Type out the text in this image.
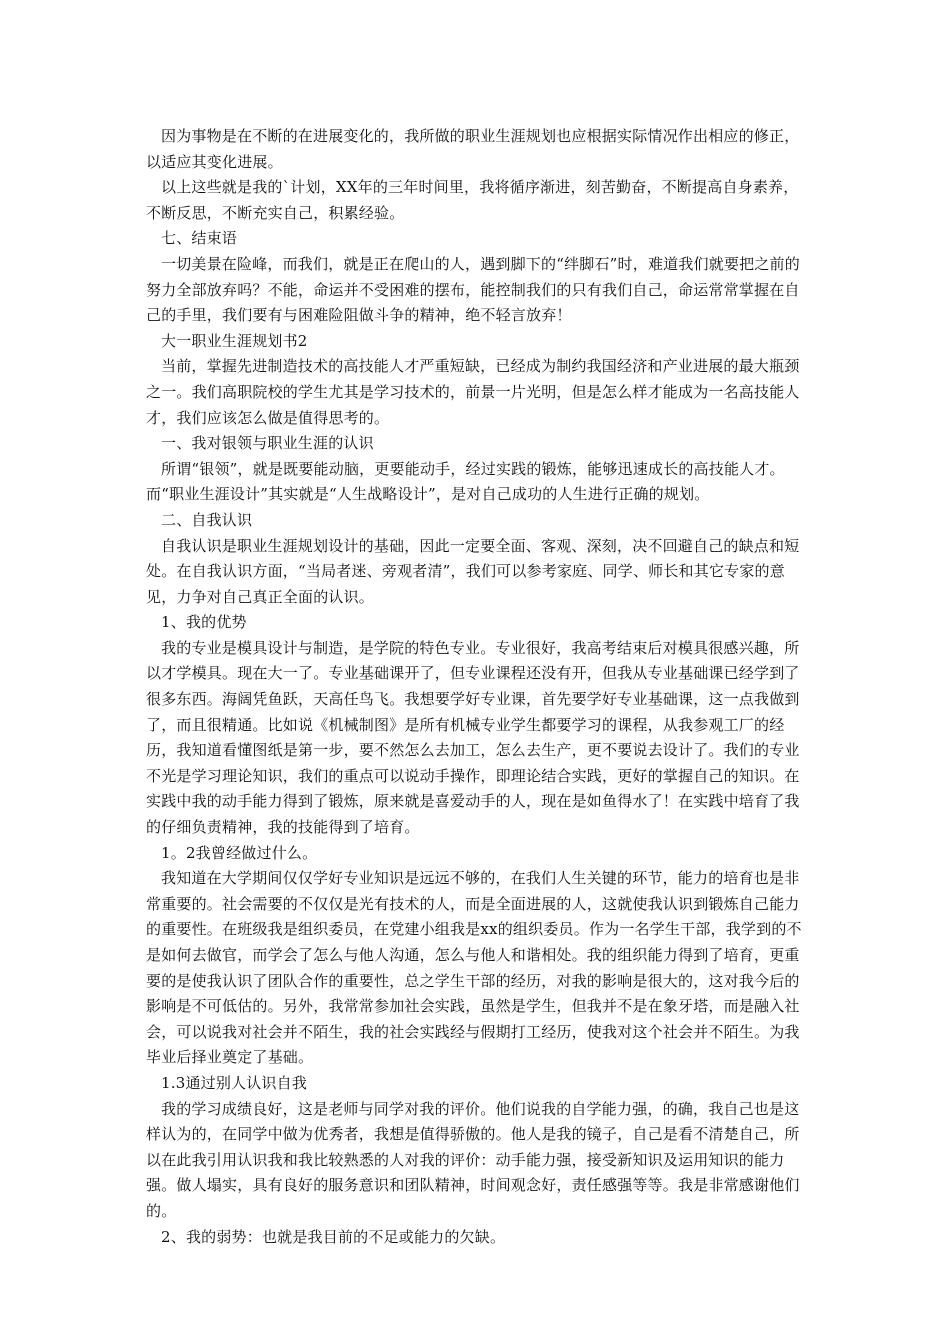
因为事物是在不断的在进展变化的，我所做的职业生涯规划也应根据实际情况作出相应的修正，以适应其变化进展。

以上这些就是我的`计划，XX年的三年时间里，我将循序渐进，刻苦勤奋，不断提高自身素养，不断反思，不断充实自己，积累经验。

七、结束语

一切美景在险峰，而我们，就是正在爬山的人，遇到脚下的“绊脚石”时，难道我们就要把之前的努力全部放弃吗？不能，命运并不受困难的摆布，能控制我们的只有我们自己，命运常常掌握在自己的手里，我们要有与困难险阻做斗争的精神，绝不轻言放弃！

大一职业生涯规划书2

当前，掌握先进制造技术的高技能人才严重短缺，已经成为制约我国经济和产业进展的最大瓶颈之一。我们高职院校的学生尤其是学习技术的，前景一片光明，但是怎么样才能成为一名高技能人才，我们应该怎么做是值得思考的。

一、我对银领与职业生涯的认识

所谓“银领”，就是既要能动脑，更要能动手，经过实践的锻炼，能够迅速成长的高技能人才。而“职业生涯设计”其实就是“人生战略设计”，是对自己成功的人生进行正确的规划。

二、自我认识

自我认识是职业生涯规划设计的基础，因此一定要全面、客观、深刻，决不回避自己的缺点和短处。在自我认识方面，“当局者迷、旁观者清”，我们可以参考家庭、同学、师长和其它专家的意见，力争对自己真正全面的认识。

1、我的优势

我的专业是模具设计与制造，是学院的特色专业。专业很好，我高考结束后对模具很感兴趣，所以才学模具。现在大一了。专业基础课开了，但专业课程还没有开，但我从专业基础课已经学到了很多东西。海阔凭鱼跃，天高任鸟飞。我想要学好专业课，首先要学好专业基础课，这一点我做到了，而且很精通。比如说《机械制图》是所有机械专业学生都要学习的课程，从我参观工厂的经历，我知道看懂图纸是第一步，要不然怎么去加工，怎么去生产，更不要说去设计了。我们的专业不光是学习理论知识，我们的重点可以说动手操作，即理论结合实践，更好的掌握自己的知识。在实践中我的动手能力得到了锻炼，原来就是喜爱动手的人，现在是如鱼得水了！在实践中培育了我的仔细负责精神，我的技能得到了培育。

1。2我曾经做过什么。

我知道在大学期间仅仅学好专业知识是远远不够的，在我们人生关键的环节，能力的培育也是非常重要的。社会需要的不仅仅是光有技术的人，而是全面进展的人，这就使我认识到锻炼自己能力的重要性。在班级我是组织委员，在党建小组我是xx的组织委员。作为一名学生干部，我学到的不是如何去做官，而学会了怎么与他人沟通，怎么与他人和谐相处。我的组织能力得到了培育，更重要的是使我认识了团队合作的重要性，总之学生干部的经历，对我的影响是很大的，这对我今后的影响是不可低估的。另外，我常常参加社会实践，虽然是学生，但我并不是在象牙塔，而是融入社会，可以说我对社会并不陌生，我的社会实践经与假期打工经历，使我对这个社会并不陌生。为我毕业后择业奠定了基础。

1.3通过别人认识自我

我的学习成绩良好，这是老师与同学对我的评价。他们说我的自学能力强，的确，我自己也是这样认为的，在同学中做为优秀者，我想是值得骄傲的。他人是我的镜子，自己是看不清楚自己，所以在此我引用认识我和我比较熟悉的人对我的评价：动手能力强，接受新知识及运用知识的能力强。做人塌实，具有良好的服务意识和团队精神，时间观念好，责任感强等等。我是非常感谢他们的。

2、我的弱势：也就是我目前的不足或能力的欠缺。
